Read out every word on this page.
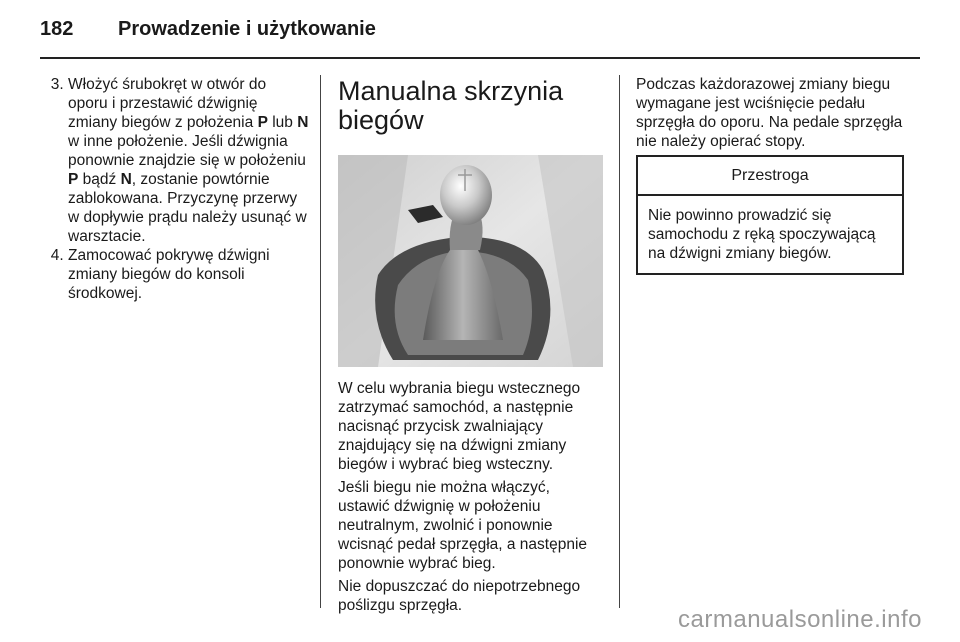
182 Prowadzenie i użytkowanie
3. Włożyć śrubokręt w otwór do oporu i przestawić dźwignię zmiany biegów z położenia P lub N w inne położenie. Jeśli dźwignia ponownie znajdzie się w położeniu P bądź N, zostanie powtórnie zablokowana. Przyczynę przerwy w dopływie prądu należy usunąć w warsztacie.
4. Zamocować pokrywę dźwigni zmiany biegów do konsoli środkowej.
Manualna skrzynia
biegów

W celu wybrania biegu wstecznego zatrzymać samochód, a następnie nacisnąć przycisk zwalniający znajdujący się na dźwigni zmiany biegów i wybrać bieg wsteczny.

Jeśli biegu nie można włączyć, ustawić dźwignię w położeniu neutralnym, zwolnić i ponownie wcisnąć pedał sprzęgła, a następnie ponownie wybrać bieg.

Nie dopuszczać do niepotrzebnego poślizgu sprzęgła.

Podczas każdorazowej zmiany biegu wymagane jest wciśnięcie pedału sprzęgła do oporu. Na pedale sprzęgła nie należy opierać stopy.

Przestroga
Nie powinno prowadzić się samochodu z ręką spoczywającą na dźwigni zmiany biegów.
carmanualsonline.info
